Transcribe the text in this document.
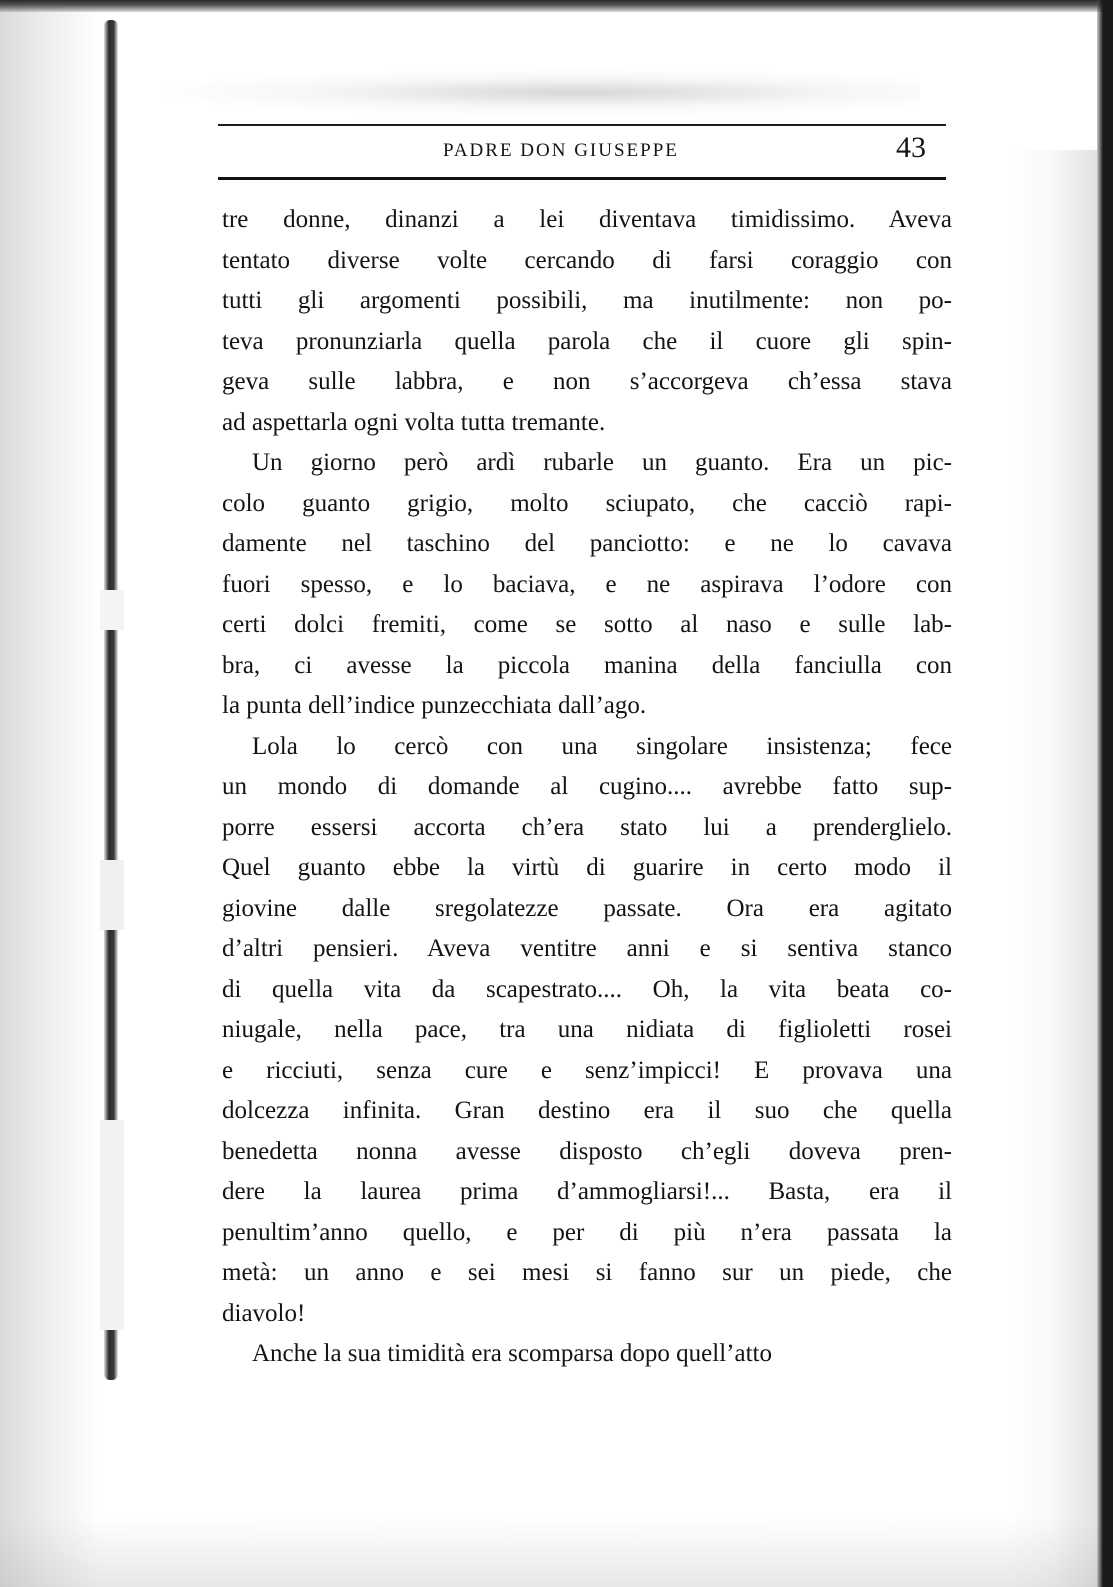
PADRE DON GIUSEPPE	43
tre donne, dinanzi a lei diventava timidissimo. Aveva
tentato diverse volte cercando di farsi coraggio con
tutti gli argomenti possibili, ma inutilmente: non po-
teva pronunziarla quella parola che il cuore gli spin-
geva sulle labbra, e non s’accorgeva ch’essa stava
ad aspettarla ogni volta tutta tremante.
Un giorno però ardì rubarle un guanto. Era un pic-
colo guanto grigio, molto sciupato, che cacciò rapi-
damente nel taschino del panciotto: e ne lo cavava
fuori spesso, e lo baciava, e ne aspirava l’odore con
certi dolci fremiti, come se sotto al naso e sulle lab-
bra, ci avesse la piccola manina della fanciulla con
la punta dell’indice punzecchiata dall’ago.
Lola lo cercò con una singolare insistenza; fece
un mondo di domande al cugino.... avrebbe fatto sup-
porre essersi accorta ch’era stato lui a prenderglielo.
Quel guanto ebbe la virtù di guarire in certo modo il
giovine dalle sregolatezze passate. Ora era agitato
d’altri pensieri. Aveva ventitre anni e si sentiva stanco
di quella vita da scapestrato.... Oh, la vita beata co-
niugale, nella pace, tra una nidiata di figlioletti rosei
e ricciuti, senza cure e senz’impicci! E provava una
dolcezza infinita. Gran destino era il suo che quella
benedetta nonna avesse disposto ch’egli doveva pren-
dere la laurea prima d’ammogliarsi!... Basta, era il
penultim’anno quello, e per di più n’era passata la
metà: un anno e sei mesi si fanno sur un piede, che
diavolo!
Anche la sua timidità era scomparsa dopo quell’atto
